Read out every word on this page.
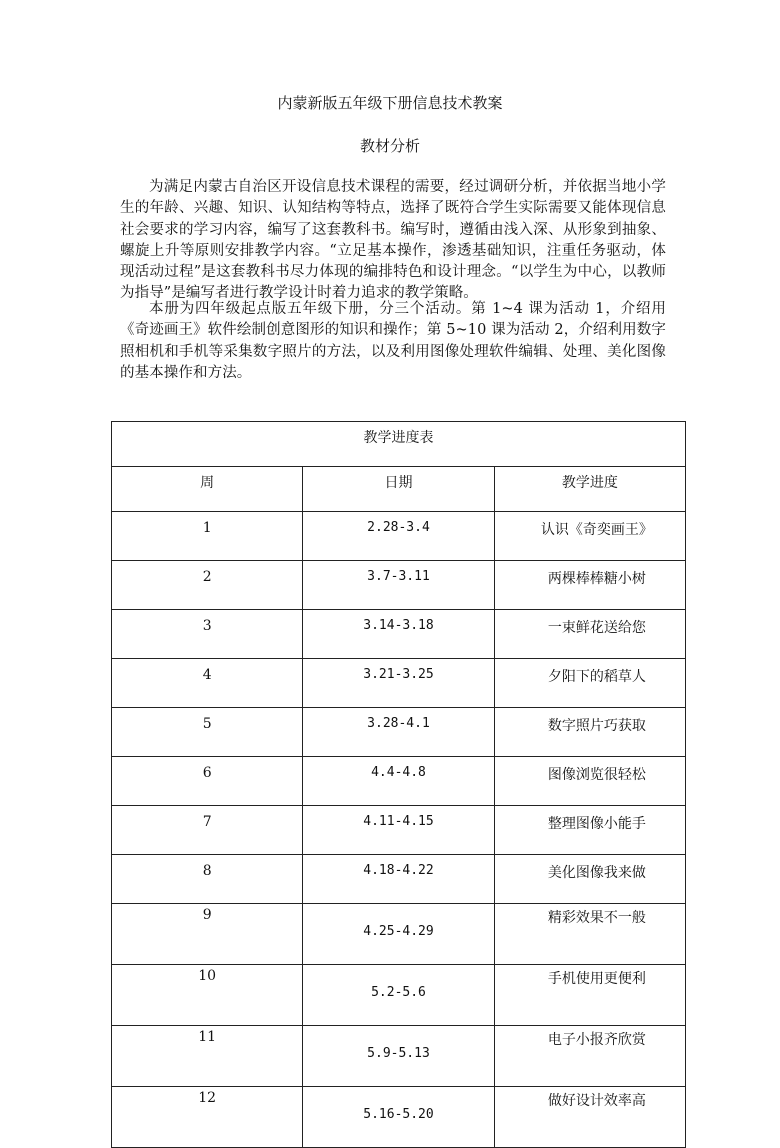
内蒙新版五年级下册信息技术教案
教材分析

为满足内蒙古自治区开设信息技术课程的需要，经过调研分析，并依据当地小学生的年龄、兴趣、知识、认知结构等特点，选择了既符合学生实际需要又能体现信息社会要求的学习内容，编写了这套教科书。编写时，遵循由浅入深、从形象到抽象、螺旋上升等原则安排教学内容。“立足基本操作，渗透基础知识，注重任务驱动，体现活动过程”是这套教科书尽力体现的编排特色和设计理念。“以学生为中心，以教师为指导”是编写者进行教学设计时着力追求的教学策略。

本册为四年级起点版五年级下册，分三个活动。第 1~4 课为活动 1，介绍用《奇迹画王》软件绘制创意图形的知识和操作；第 5~10 课为活动 2，介绍利用数字照相机和手机等采集数字照片的方法，以及利用图像处理软件编辑、处理、美化图像的基本操作和方法。

教学进度表		
周	日期	教学进度
1	2.28-3.4	认识《奇奕画王》
2	3.7-3.11	两棵棒棒糖小树
3	3.14-3.18	一束鲜花送给您
4	3.21-3.25	夕阳下的稻草人
5	3.28-4.1	数字照片巧获取
6	4.4-4.8	图像浏览很轻松
7	4.11-4.15	整理图像小能手
8	4.18-4.22	美化图像我来做
9	4.25-4.29	精彩效果不一般
10	5.2-5.6	手机使用更便利
11	5.9-5.13	电子小报齐欣赏
12	5.16-5.20	做好设计效率高
